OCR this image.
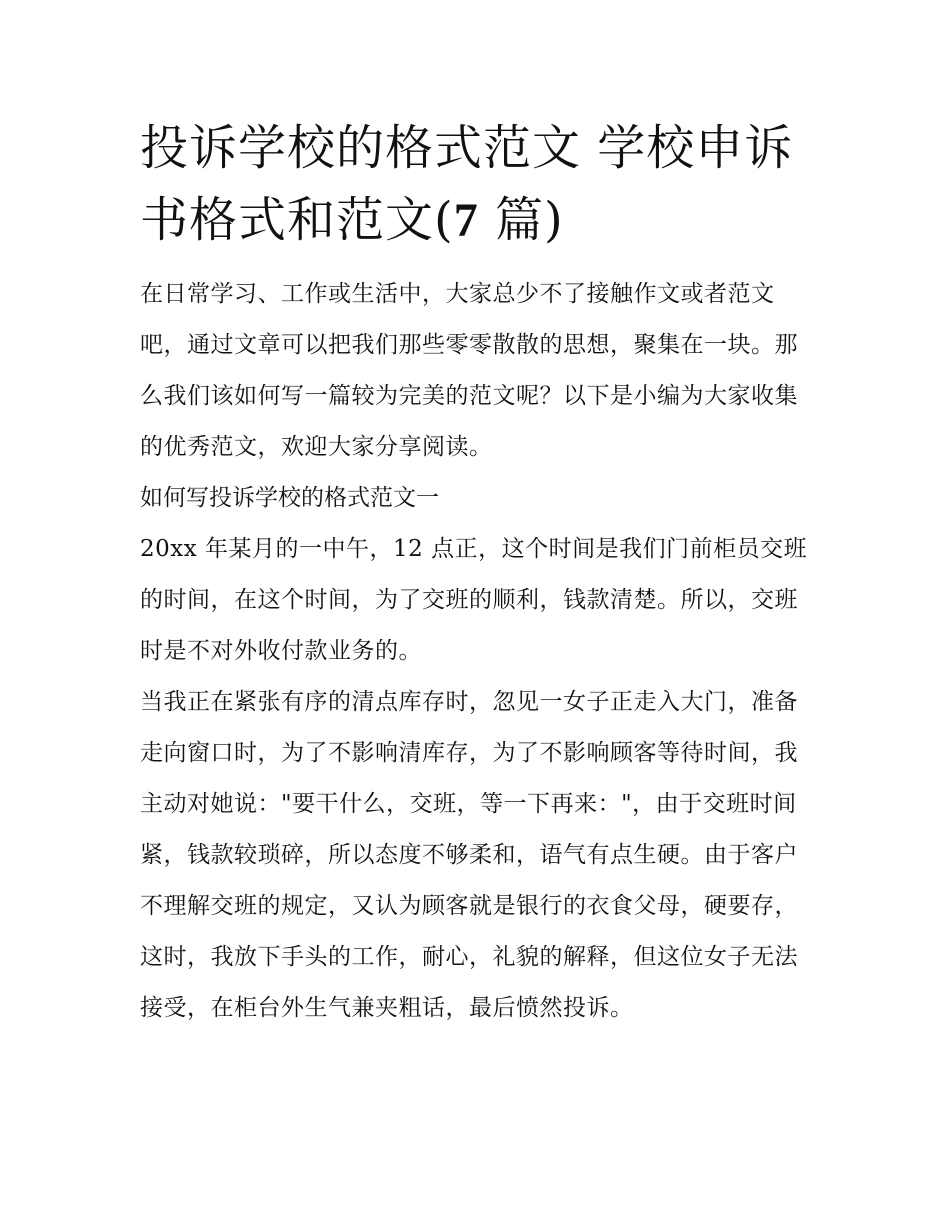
投诉学校的格式范文 学校申诉书格式和范文(7 篇)

在日常学习、工作或生活中，大家总少不了接触作文或者范文吧，通过文章可以把我们那些零零散散的思想，聚集在一块。那么我们该如何写一篇较为完美的范文呢？以下是小编为大家收集的优秀范文，欢迎大家分享阅读。

如何写投诉学校的格式范文一

20xx 年某月的一中午，12 点正，这个时间是我们门前柜员交班的时间，在这个时间，为了交班的顺利，钱款清楚。所以，交班时是不对外收付款业务的。

当我正在紧张有序的清点库存时，忽见一女子正走入大门，准备走向窗口时，为了不影响清库存，为了不影响顾客等待时间，我主动对她说："要干什么，交班，等一下再来："，由于交班时间紧，钱款较琐碎，所以态度不够柔和，语气有点生硬。由于客户不理解交班的规定，又认为顾客就是银行的衣食父母，硬要存，这时，我放下手头的工作，耐心，礼貌的解释，但这位女子无法接受，在柜台外生气兼夹粗话，最后愤然投诉。
